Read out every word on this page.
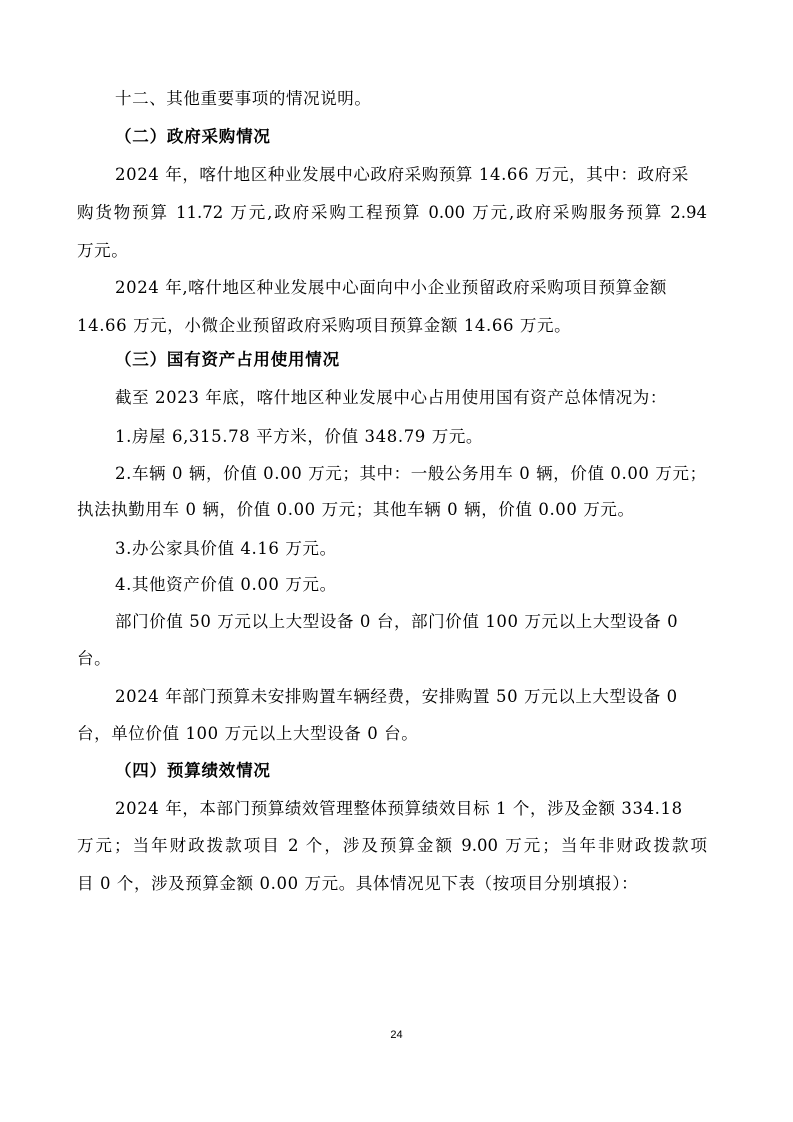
十二、其他重要事项的情况说明。
（二）政府采购情况
2024 年，喀什地区种业发展中心政府采购预算 14.66 万元，其中：政府采
购货物预算 11.72 万元,政府采购工程预算 0.00 万元,政府采购服务预算 2.94
万元。
2024 年,喀什地区种业发展中心面向中小企业预留政府采购项目预算金额
14.66 万元，小微企业预留政府采购项目预算金额 14.66 万元。
（三）国有资产占用使用情况
截至 2023 年底，喀什地区种业发展中心占用使用国有资产总体情况为：
1.房屋 6,315.78 平方米，价值 348.79 万元。
2.车辆 0 辆，价值 0.00 万元；其中：一般公务用车 0 辆，价值 0.00 万元；
执法执勤用车 0 辆，价值 0.00 万元；其他车辆 0 辆，价值 0.00 万元。
3.办公家具价值 4.16 万元。
4.其他资产价值 0.00 万元。
部门价值 50 万元以上大型设备 0 台，部门价值 100 万元以上大型设备 0
台。
2024 年部门预算未安排购置车辆经费，安排购置 50 万元以上大型设备 0
台，单位价值 100 万元以上大型设备 0 台。
（四）预算绩效情况
2024 年，本部门预算绩效管理整体预算绩效目标 1 个，涉及金额 334.18
万元；当年财政拨款项目 2 个，涉及预算金额 9.00 万元；当年非财政拨款项
目 0 个，涉及预算金额 0.00 万元。具体情况见下表（按项目分别填报）：
24
